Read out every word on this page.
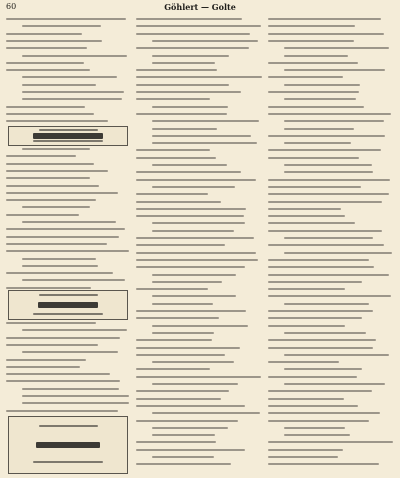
60	Göhlert — Golte
